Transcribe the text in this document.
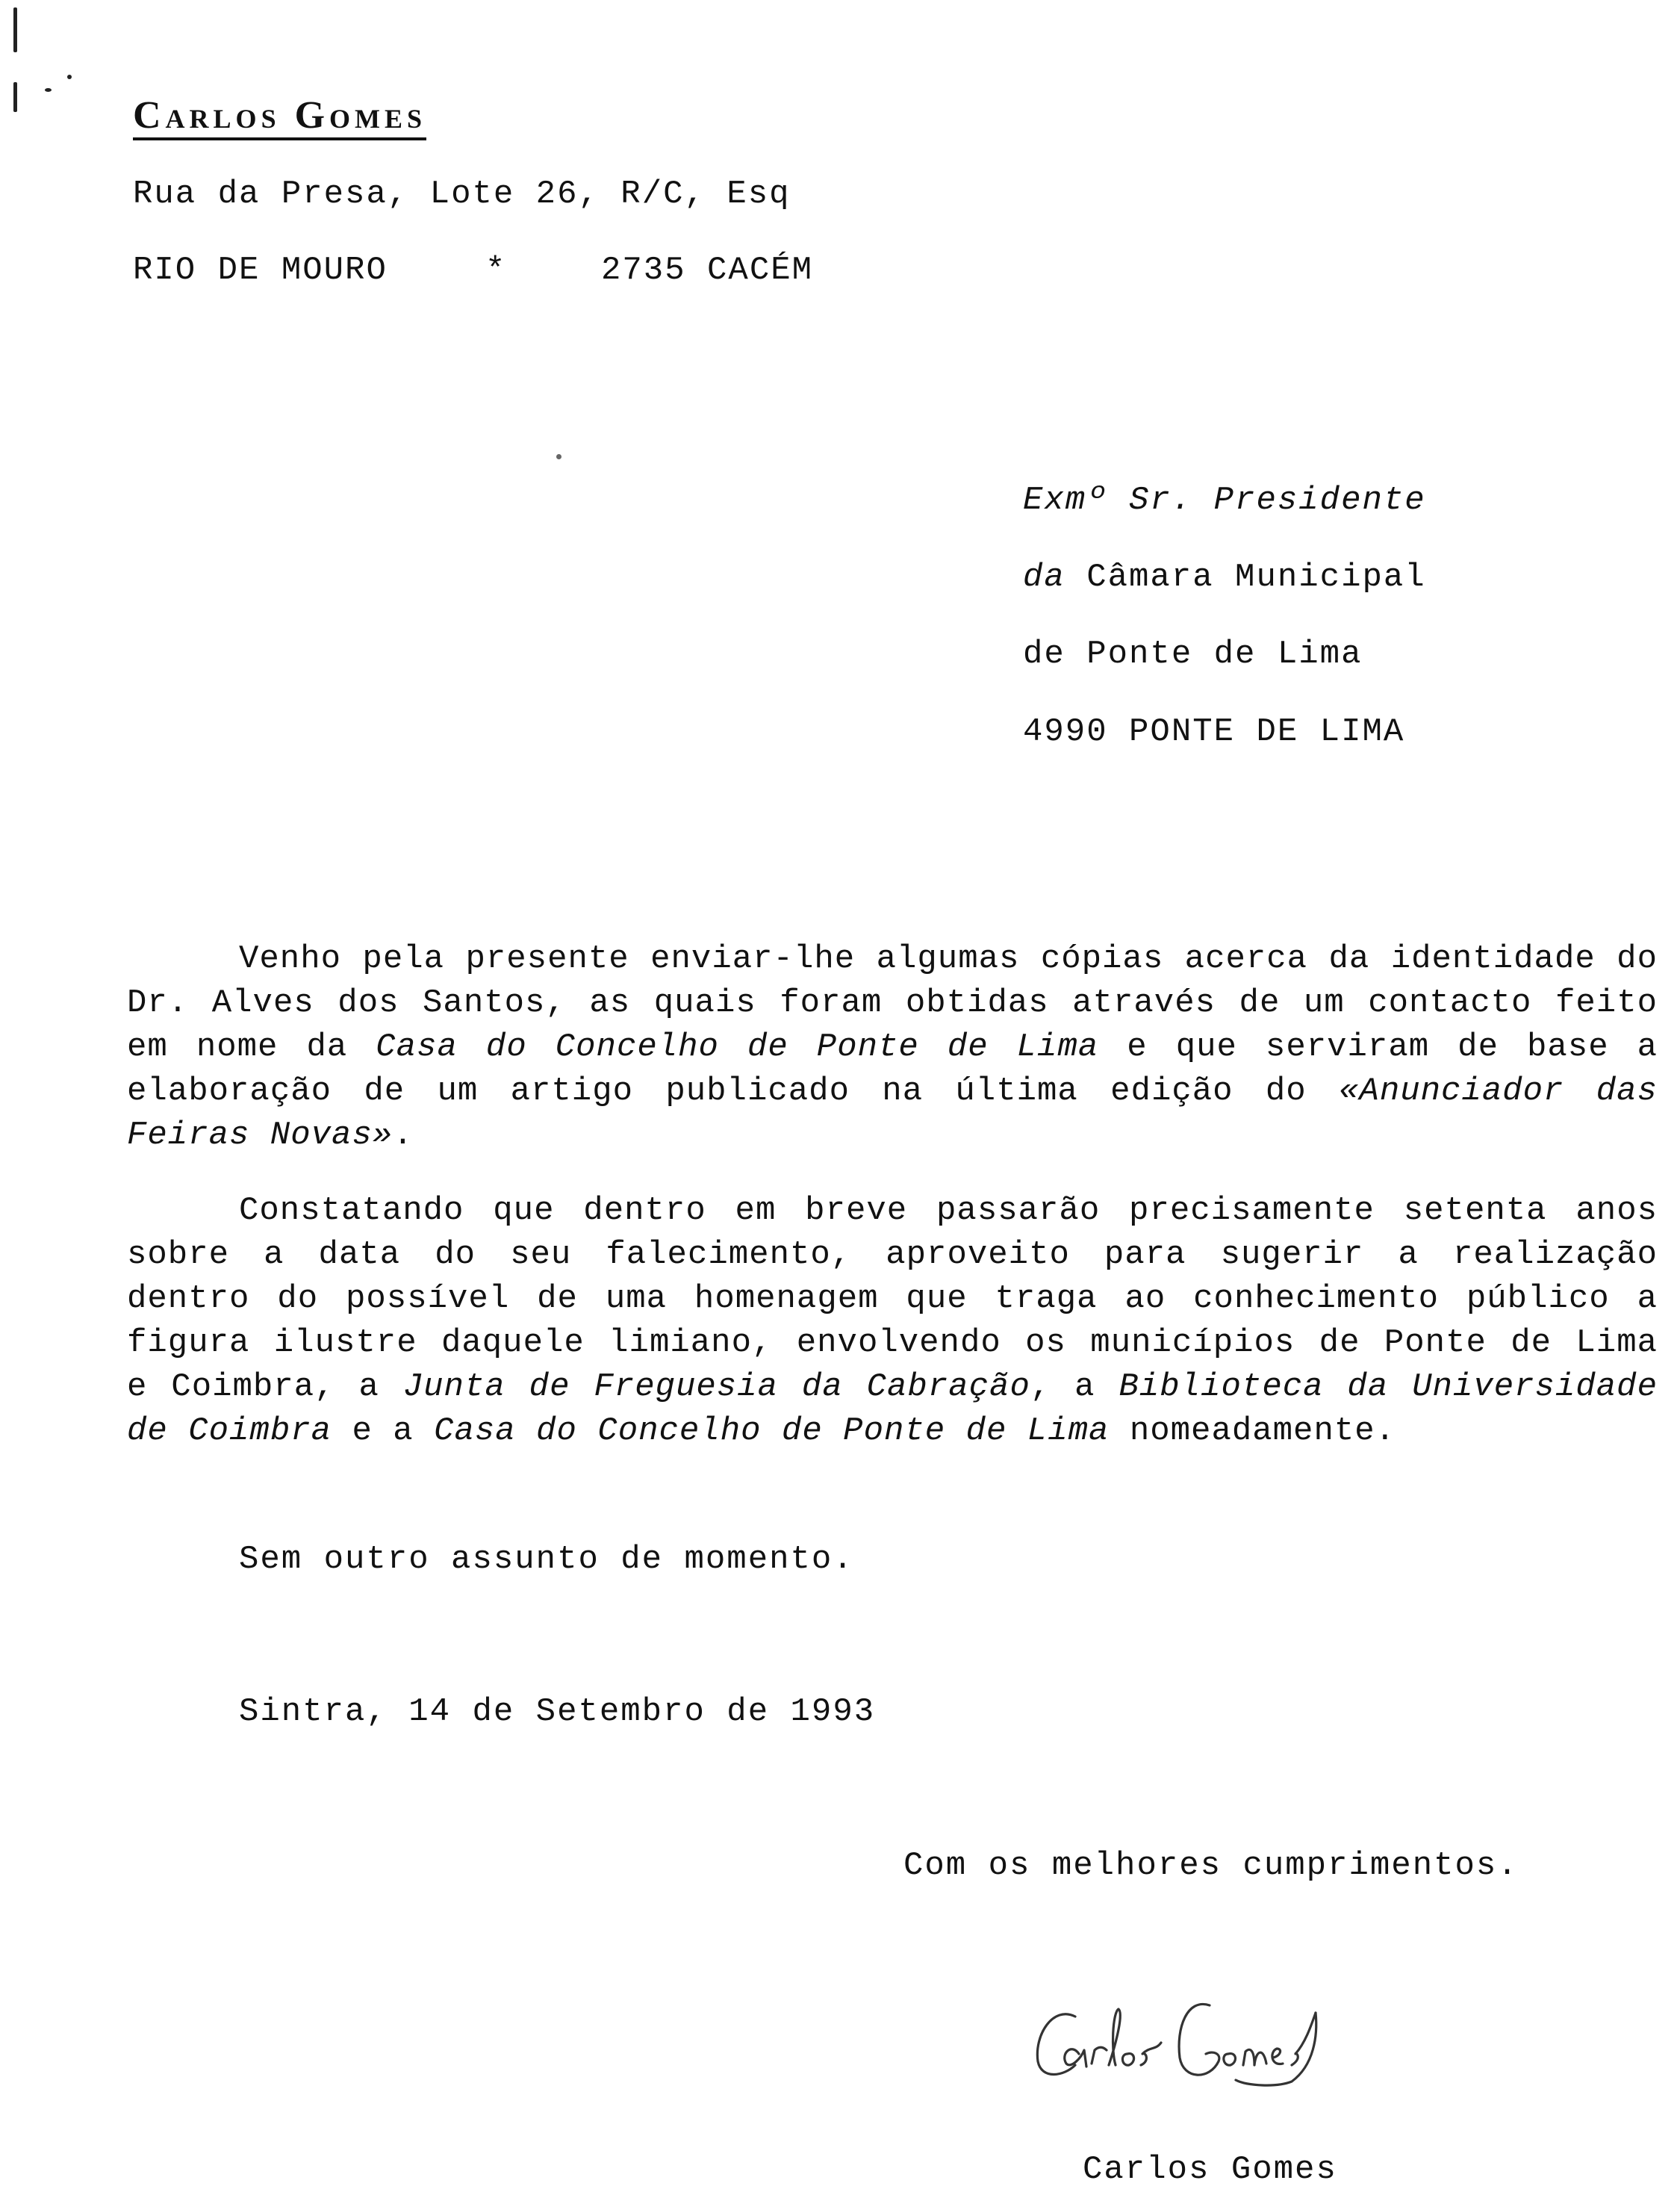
Carlos Gomes
Rua da Presa, Lote 26, R/C, Esq
RIO DE MOURO	*	2735 CACÉM
Exmº Sr. Presidente
da Câmara Municipal
de Ponte de Lima
4990 PONTE DE LIMA
Venho pela presente enviar-lhe algumas cópias acerca da identidade do Dr. Alves dos Santos, as quais foram obtidas através de um contacto feito em nome da Casa do Concelho de Ponte de Lima e que serviram de base a elaboração de um artigo publicado na última edição do «Anunciador das Feiras Novas».
Constatando que dentro em breve passarão precisamente setenta anos sobre a data do seu falecimento, aproveito para sugerir a realização dentro do possível de uma homenagem que traga ao conhecimento público a figura ilustre daquele limiano, envolvendo os municípios de Ponte de Lima e Coimbra, a Junta de Freguesia da Cabração, a Biblioteca da Universidade de Coimbra e a Casa do Concelho de Ponte de Lima nomeadamente.
Sem outro assunto de momento.
Sintra, 14 de Setembro de 1993
Com os melhores cumprimentos.
Carlos Gomes
